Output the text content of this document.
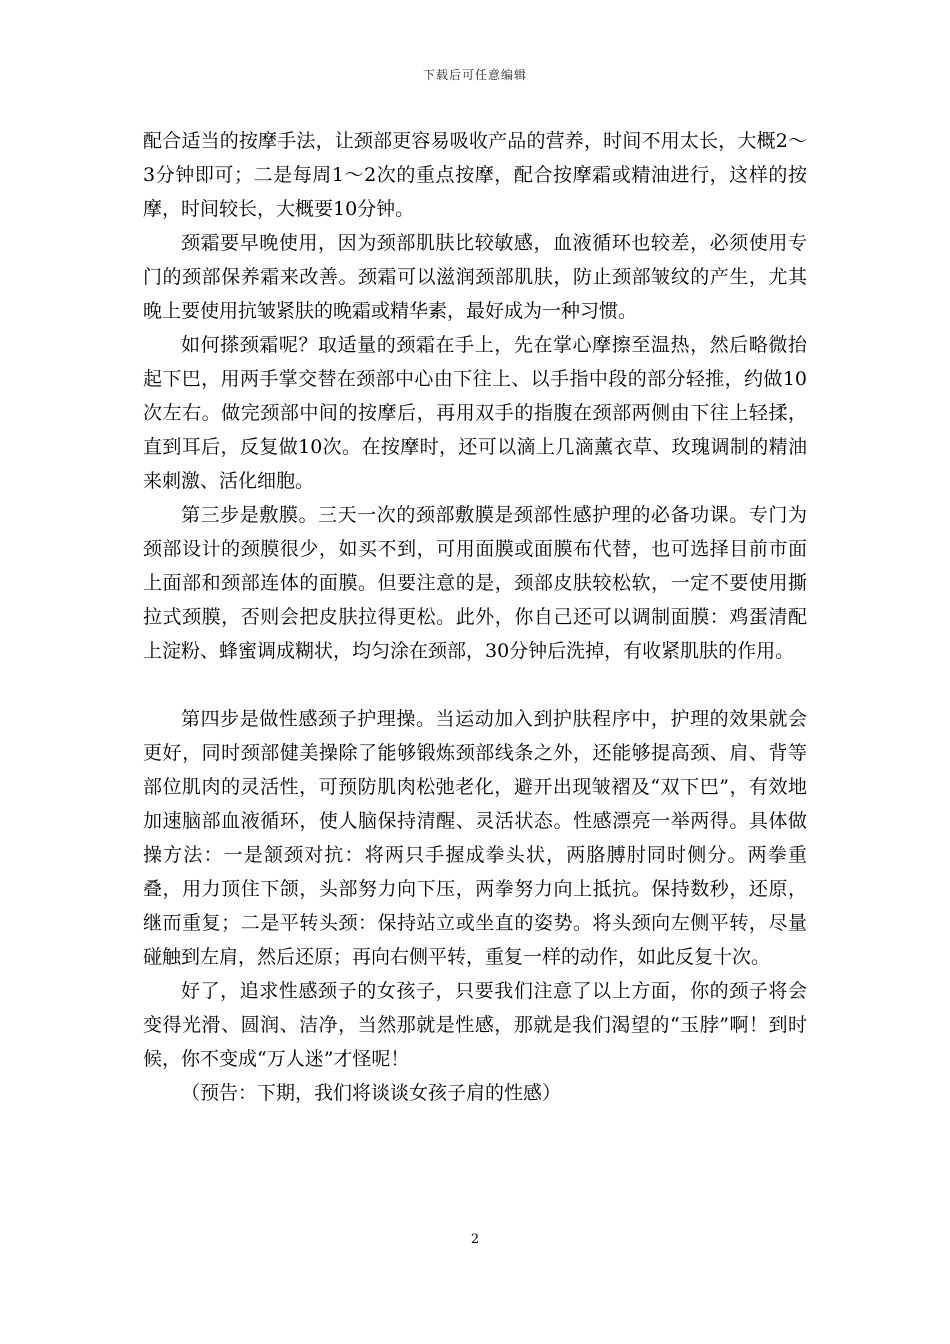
下载后可任意编辑

配合适当的按摩手法，让颈部更容易吸收产品的营养，时间不用太长，大概2～3分钟即可；二是每周1～2次的重点按摩，配合按摩霜或精油进行，这样的按摩，时间较长，大概要10分钟。

颈霜要早晚使用，因为颈部肌肤比较敏感，血液循环也较差，必须使用专门的颈部保养霜来改善。颈霜可以滋润颈部肌肤，防止颈部皱纹的产生，尤其晚上要使用抗皱紧肤的晚霜或精华素，最好成为一种习惯。

如何搽颈霜呢？取适量的颈霜在手上，先在掌心摩擦至温热，然后略微抬起下巴，用两手掌交替在颈部中心由下往上、以手指中段的部分轻推，约做10次左右。做完颈部中间的按摩后，再用双手的指腹在颈部两侧由下往上轻揉，直到耳后，反复做10次。在按摩时，还可以滴上几滴薰衣草、玫瑰调制的精油来刺激、活化细胞。

第三步是敷膜。三天一次的颈部敷膜是颈部性感护理的必备功课。专门为颈部设计的颈膜很少，如买不到，可用面膜或面膜布代替，也可选择目前市面上面部和颈部连体的面膜。但要注意的是，颈部皮肤较松软，一定不要使用撕拉式颈膜，否则会把皮肤拉得更松。此外，你自己还可以调制面膜：鸡蛋清配上淀粉、蜂蜜调成糊状，均匀涂在颈部，30分钟后洗掉，有收紧肌肤的作用。

第四步是做性感颈子护理操。当运动加入到护肤程序中，护理的效果就会更好，同时颈部健美操除了能够锻炼颈部线条之外，还能够提高颈、肩、背等部位肌肉的灵活性，可预防肌肉松弛老化，避开出现皱褶及“双下巴”，有效地加速脑部血液循环，使人脑保持清醒、灵活状态。性感漂亮一举两得。具体做操方法：一是颔颈对抗：将两只手握成拳头状，两胳膊肘同时侧分。两拳重叠，用力顶住下颌，头部努力向下压，两拳努力向上抵抗。保持数秒，还原，继而重复；二是平转头颈：保持站立或坐直的姿势。将头颈向左侧平转，尽量碰触到左肩，然后还原；再向右侧平转，重复一样的动作，如此反复十次。

好了，追求性感颈子的女孩子，只要我们注意了以上方面，你的颈子将会变得光滑、圆润、洁净，当然那就是性感，那就是我们渴望的“玉脖”啊！到时候，你不变成“万人迷”才怪呢！

（预告：下期，我们将谈谈女孩子肩的性感）

2
